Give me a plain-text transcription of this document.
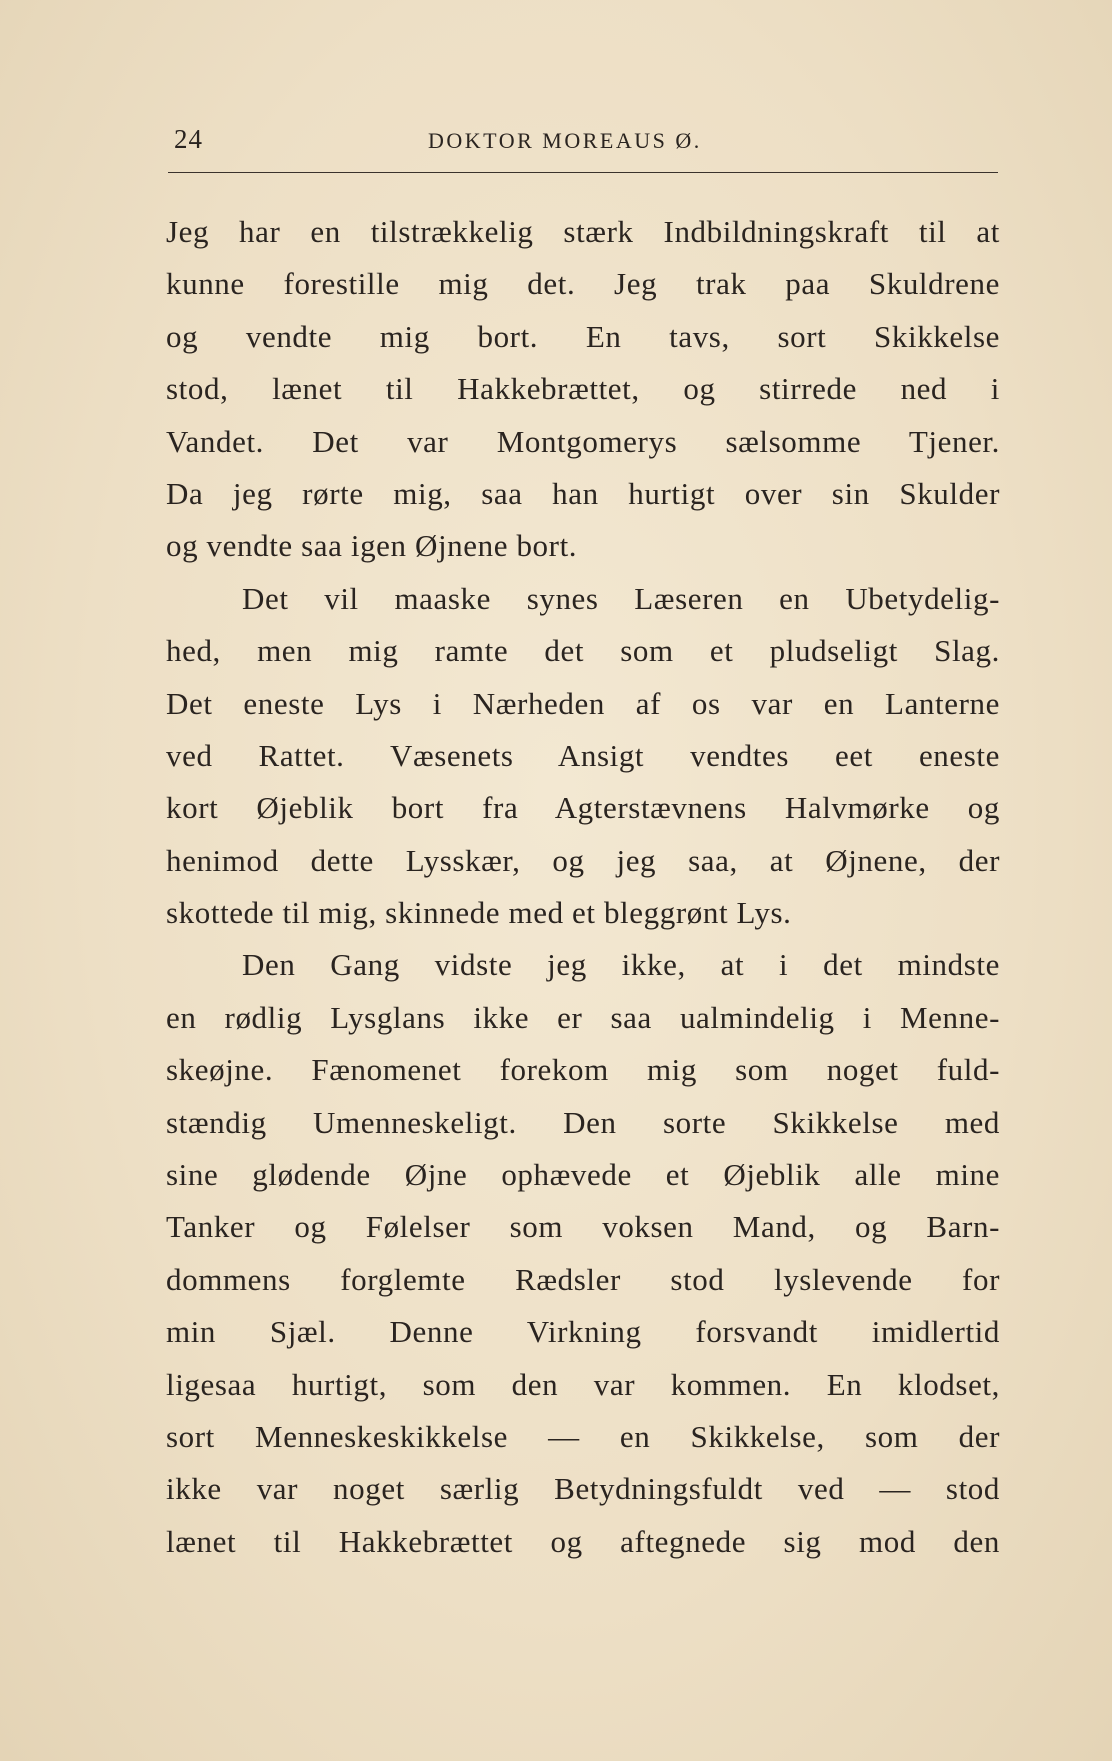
24	DOKTOR MOREAUS Ø.
Jeg har en tilstrækkelig stærk Indbildningskraft til at
kunne forestille mig det. Jeg trak paa Skuldrene
og vendte mig bort. En tavs, sort Skikkelse
stod, lænet til Hakkebrættet, og stirrede ned i
Vandet. Det var Montgomerys sælsomme Tjener.
Da jeg rørte mig, saa han hurtigt over sin Skulder
og vendte saa igen Øjnene bort.
Det vil maaske synes Læseren en Ubetydelig-
hed, men mig ramte det som et pludseligt Slag.
Det eneste Lys i Nærheden af os var en Lanterne
ved Rattet. Væsenets Ansigt vendtes eet eneste
kort Øjeblik bort fra Agterstævnens Halvmørke og
henimod dette Lysskær, og jeg saa, at Øjnene, der
skottede til mig, skinnede med et bleggrønt Lys.
Den Gang vidste jeg ikke, at i det mindste
en rødlig Lysglans ikke er saa ualmindelig i Menne-
skeøjne. Fænomenet forekom mig som noget fuld-
stændig Umenneskeligt. Den sorte Skikkelse med
sine glødende Øjne ophævede et Øjeblik alle mine
Tanker og Følelser som voksen Mand, og Barn-
dommens forglemte Rædsler stod lyslevende for
min Sjæl. Denne Virkning forsvandt imidlertid
ligesaa hurtigt, som den var kommen. En klodset,
sort Menneskeskikkelse — en Skikkelse, som der
ikke var noget særlig Betydningsfuldt ved — stod
lænet til Hakkebrættet og aftegnede sig mod den
